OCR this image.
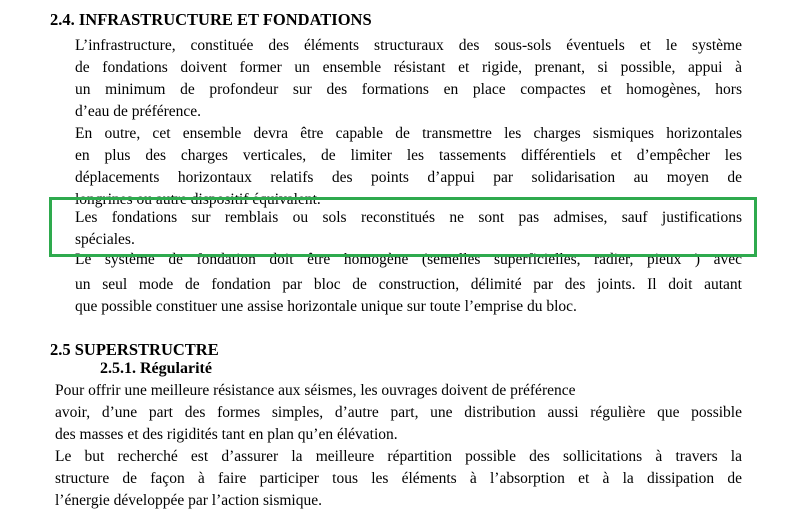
2.4. INFRASTRUCTURE ET FONDATIONS
L’infrastructure, constituée des éléments structuraux des sous-sols éventuels et le système
de fondations doivent former un ensemble résistant et rigide, prenant, si possible, appui à
un minimum de profondeur sur des formations en place compactes et homogènes, hors
d’eau de préférence.
En outre, cet ensemble devra être capable de transmettre les charges sismiques horizontales
en plus des charges verticales, de limiter les tassements différentiels et d’empêcher les
déplacements horizontaux relatifs des points d’appui par solidarisation au moyen de
longrines ou autre dispositif équivalent.
Les fondations sur remblais ou sols reconstitués ne sont pas admises, sauf justifications
spéciales.
Le système de fondation doit être homogène (semelles superficielles, radier, pieux ) avec
un seul mode de fondation par bloc de construction, délimité par des joints. Il doit autant
que possible constituer une assise horizontale unique sur toute l’emprise du bloc.
2.5 SUPERSTRUCTRE
2.5.1. Régularité
Pour offrir une meilleure résistance aux séismes, les ouvrages doivent de préférence
avoir, d’une part des formes simples, d’autre part, une distribution aussi régulière que possible
des masses et des rigidités tant en plan qu’en élévation.
Le but recherché est d’assurer la meilleure répartition possible des sollicitations à travers la
structure de façon à faire participer tous les éléments à l’absorption et à la dissipation de
l’énergie développée par l’action sismique.
